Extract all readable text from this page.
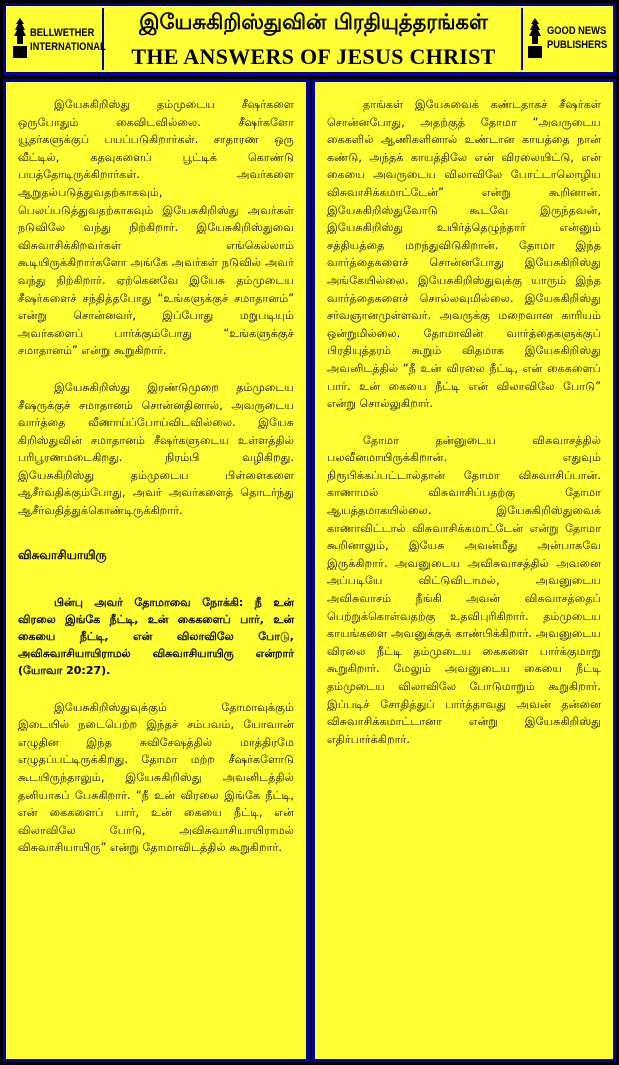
BELLWETHER
INTERNATIONAL
இயேசுகிறிஸ்துவின் பிரதியுத்தரங்கள்
THE ANSWERS OF JESUS CHRIST
GOOD NEWS
PUBLISHERS

இயேசுகிறிஸ்து தம்முடைய சீஷர்களை ஒருபோதும் கைவிடவில்லை. சீஷர்களோ யூதர்களுக்குப் பயப்படுகிறார்கள். சாதாரண ஒரு வீட்டில், கதவுகளைப் பூட்டிக் கொண்டு பயத்தோடிருக்கிறார்கள். அவர்களை ஆறுதல்படுத்துவதற்காகவும், பெலப்படுத்துவதற்காகவும் இயேசுகிறிஸ்து அவர்கள் நடுவிலே வந்து நிற்கிறார். இயேசுகிறிஸ்துவை விசுவாசிக்கிறவர்கள் எங்கெல்லாம் கூடியிருக்கிறார்களோ அங்கே அவர்கள் நடுவில் அவர் வந்து நிற்கிறார். ஏற்கெனவே இயேசு தம்முடைய சீஷர்களைச் சந்தித்தபோது “உங்களுக்குச் சமாதானம்” என்று சொன்னவர், இப்போது மறுபடியும் அவர்களைப் பார்க்கும்போது “உங்களுக்குச் சமாதானம்” என்று கூறுகிறார்.

இயேசுகிறிஸ்து இரண்டுமுறை தம்முடைய சீஷருக்குச் சமாதானம் சொன்னதினால், அவருடைய வார்த்தை வீணாய்ப்போய்விடவில்லை. இயேசு கிறிஸ்துவின் சமாதானம் சீஷர்களுடைய உள்ளத்தில் பரிபூரணமடைகிறது. நிரம்பி வழிகிறது. இயேசுகிறிஸ்து தம்முடைய பிள்ளைகளை ஆசீர்வதிக்கும்போது, அவர் அவர்களைத் தொடர்ந்து ஆசீர்வதித்துக்கொண்டிருக்கிறார்.

விசுவாசியாயிரு

பின்பு அவர் தோமாவை நோக்கி: நீ உன் விரலை இங்கே நீட்டி, உன் கைகளைப் பார், உன் கையை நீட்டி, என் விலாவிலே போடு, அவிசுவாசியாயிராமல் விசுவாசியாயிரு என்றார் (யோவா 20:27).

இயேசுகிறிஸ்துவுக்கும் தோமாவுக்கும் இடையில் நடைபெற்ற இந்தச் சம்பவம், யோவான் எழுதின இந்த சுவிசேஷத்தில் மாத்திரமே எழுதப்பட்டிருக்கிறது. தோமா மற்ற சீஷர்களோடு கூடயிருந்தாலும், இயேசுகிறிஸ்து அவனிடத்தில் தனியாகப் பேசுகிறார். “நீ உன் விரலை இங்கே நீட்டி, என் கைகளைப் பார், உன் கையை நீட்டி, என் விலாவிலே போடு, அவிசுவாசியாயிராமல் விசுவாசியாயிரு” என்று தோமாவிடத்தில் கூறுகிறார்.

தாங்கள் இயேசுவைக் கண்டதாகச் சீஷர்கள் சொன்னபோது, அதற்குத் தோமா “அவருடைய கைகளில் ஆணிகளினால் உண்டான காயத்தை நான் கண்டு, அந்தக் காயத்திலே என் விரலையிட்டு, என் கையை அவருடைய விலாவிலே போட்டாலொழிய விசுவாசிக்கமாட்டேன்” என்று கூறினான். இயேசுகிறிஸ்துவோடு கூடவே இருந்தவன், இயேசுகிறிஸ்து உயிர்த்தெழுந்தார் என்னும் சத்தியத்தை மறந்துவிடுகிறான். தோமா இந்த வார்த்தைகளைச் சொன்னபோது இயேசுகிறிஸ்து அங்கேயில்லை. இயேசுகிறிஸ்துவுக்கு யாரும் இந்த வார்த்தைகளைச் சொல்லவுமில்லை. இயேசுகிறிஸ்து சர்வஞானமுள்ளவர். அவருக்கு மறைவான காரியம் ஒன்றுமில்லை. தோமாவின் வார்த்தைகளுக்குப் பிரதியுத்தரம் கூறும் விதமாக இயேசுகிறிஸ்து அவனிடத்தில் “நீ உன் விரலை நீட்டி, என் கைகளைப் பார். உன் கையை நீட்டி என் விலாவிலே போடு” என்று சொல்லுகிறார்.

தோமா தன்னுடைய விசுவாசத்தில் பலவீனமாயிருக்கிறான். எதுவும் நிரூபிக்கப்பட்டால்தான் தோமா விசுவாசிப்பான். காணாமல் விசுவாசிப்பதற்கு தோமா ஆயத்தமாகயில்லை. இயேசுகிறிஸ்துவைக் காணாவிட்டால் விசுவாசிக்கமாட்டேன் என்று தோமா கூறினாலும், இயேசு அவன்மீது அன்பாகவே இருக்கிறார். அவனுடைய அவிசுவாசத்தில் அவனை அப்படியே விட்டுவிடாமல், அவனுடைய அவிசுவாசம் நீங்கி அவன் விசுவாசத்தைப் பெற்றுக்கொள்வதற்கு உதவிபுரிகிறார். தம்முடைய காயங்களை அவனுக்குக் காண்பிக்கிறார். அவனுடைய விரலை நீட்டி தம்முடைய கைகளை பார்க்குமாறு கூறுகிறார். மேலும் அவனுடைய கையை நீட்டி தம்முடைய விலாவிலே போடுமாறும் கூறுகிறார். இப்படிச் சோதித்துப் பார்த்தாவது அவன் தன்னை விசுவாசிக்கமாட்டானா என்று இயேசுகிறிஸ்து எதிர்பார்க்கிறார்.
